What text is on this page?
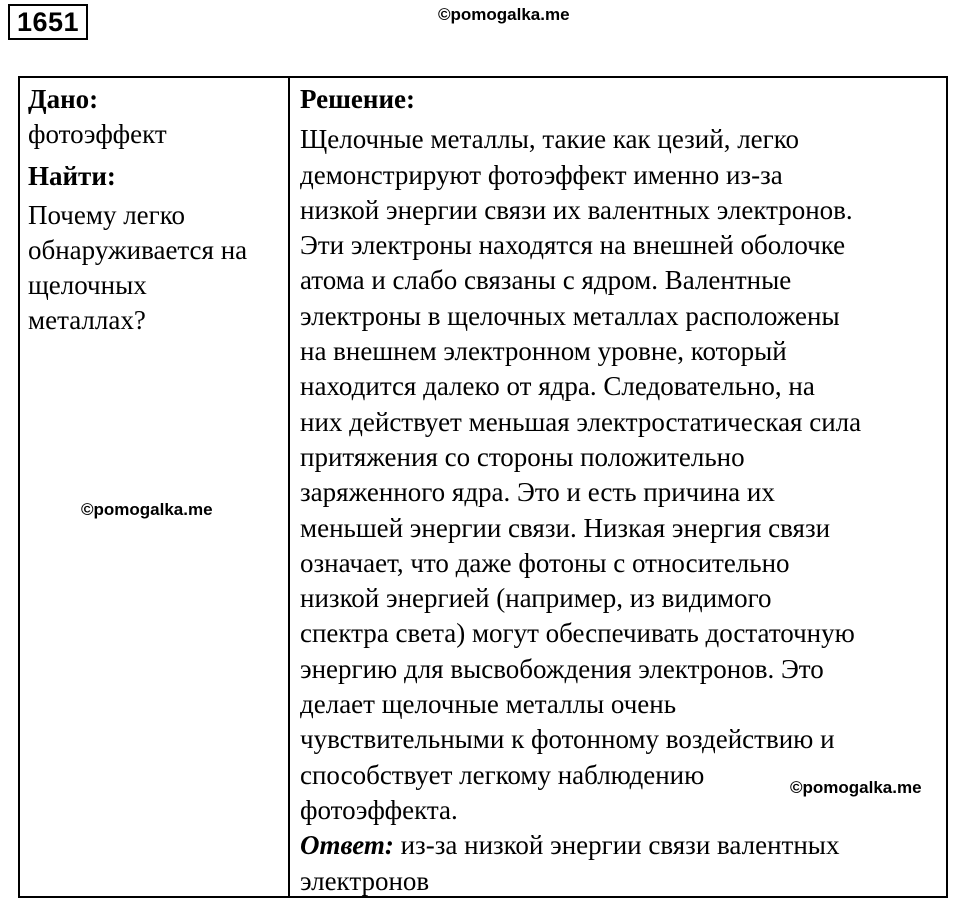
1651	©pomogalka.me
Дано:
фотоэффект
Найти:
Почему легко
обнаруживается на
щелочных
металлах?
Решение:
Щелочные металлы, такие как цезий, легко
демонстрируют фотоэффект именно из-за
низкой энергии связи их валентных электронов.
Эти электроны находятся на внешней оболочке
атома и слабо связаны с ядром. Валентные
электроны в щелочных металлах расположены
на внешнем электронном уровне, который
находится далеко от ядра. Следовательно, на
них действует меньшая электростатическая сила
притяжения со стороны положительно
заряженного ядра. Это и есть причина их
меньшей энергии связи. Низкая энергия связи
означает, что даже фотоны с относительно
низкой энергией (например, из видимого
спектра света) могут обеспечивать достаточную
энергию для высвобождения электронов. Это
делает щелочные металлы очень
чувствительными к фотонному воздействию и
способствует легкому наблюдению
фотоэффекта.
Ответ: из-за низкой энергии связи валентных
электронов
©pomogalka.me
©pomogalka.me
